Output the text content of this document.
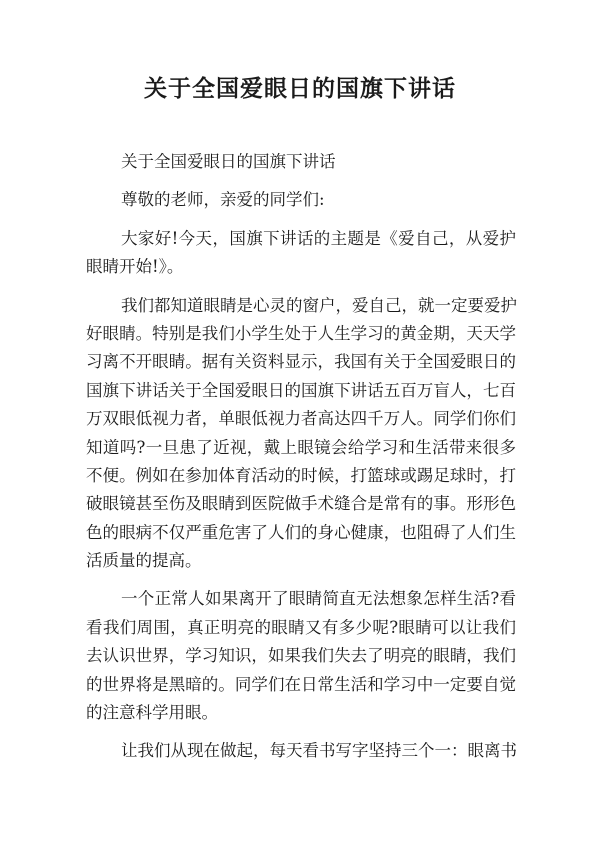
关于全国爱眼日的国旗下讲话
关于全国爱眼日的国旗下讲话
尊敬的老师，亲爱的同学们:
大家好!今天，国旗下讲话的主题是《爱自己，从爱护
眼睛开始!》。
我们都知道眼睛是心灵的窗户，爱自己，就一定要爱护
好眼睛。特别是我们小学生处于人生学习的黄金期，天天学
习离不开眼睛。据有关资料显示，我国有关于全国爱眼日的
国旗下讲话关于全国爱眼日的国旗下讲话五百万盲人，七百
万双眼低视力者，单眼低视力者高达四千万人。同学们你们
知道吗?一旦患了近视，戴上眼镜会给学习和生活带来很多
不便。例如在参加体育活动的时候，打篮球或踢足球时，打
破眼镜甚至伤及眼睛到医院做手术缝合是常有的事。形形色
色的眼病不仅严重危害了人们的身心健康，也阻碍了人们生
活质量的提高。
一个正常人如果离开了眼睛简直无法想象怎样生活?看
看我们周围，真正明亮的眼睛又有多少呢?眼睛可以让我们
去认识世界，学习知识，如果我们失去了明亮的眼睛，我们
的世界将是黑暗的。同学们在日常生活和学习中一定要自觉
的注意科学用眼。
让我们从现在做起，每天看书写字坚持三个一：眼离书
